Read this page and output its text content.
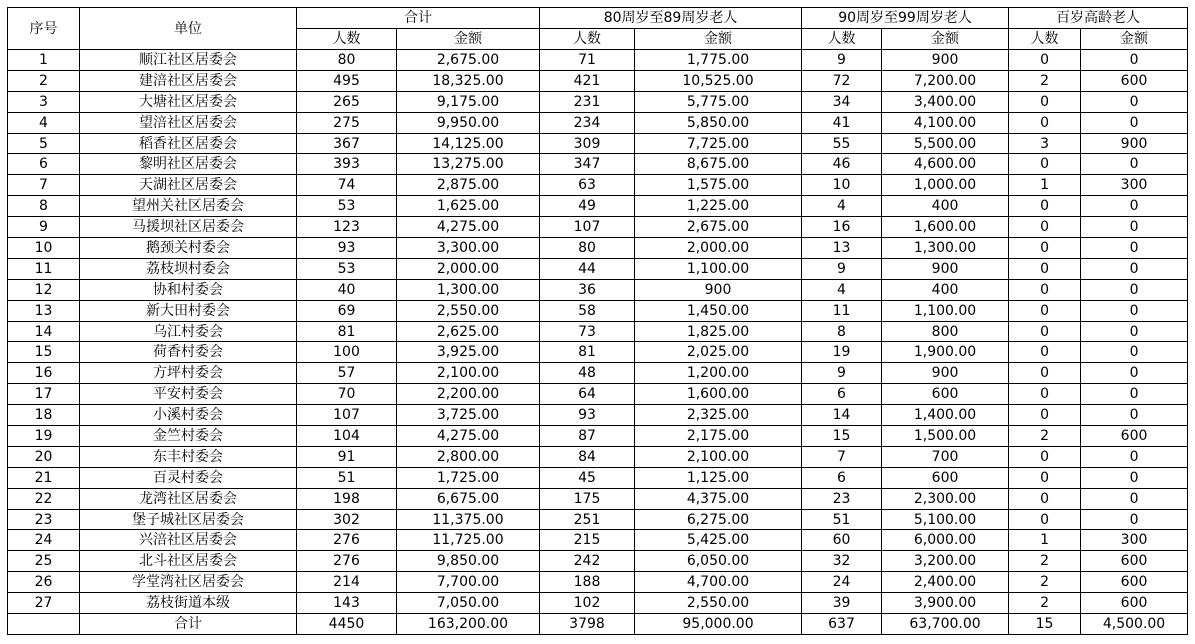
序号	单位	合计		80周岁至89周岁老人		90周岁至99周岁老人		百岁高龄老人	
		人数	金额	人数	金额	人数	金额	人数	金额
1	顺江社区居委会	80	2,675.00	71	1,775.00	9	900	0	0
2	建涪社区居委会	495	18,325.00	421	10,525.00	72	7,200.00	2	600
3	大塘社区居委会	265	9,175.00	231	5,775.00	34	3,400.00	0	0
4	望涪社区居委会	275	9,950.00	234	5,850.00	41	4,100.00	0	0
5	稻香社区居委会	367	14,125.00	309	7,725.00	55	5,500.00	3	900
6	黎明社区居委会	393	13,275.00	347	8,675.00	46	4,600.00	0	0
7	天湖社区居委会	74	2,875.00	63	1,575.00	10	1,000.00	1	300
8	望州关社区居委会	53	1,625.00	49	1,225.00	4	400	0	0
9	马援坝社区居委会	123	4,275.00	107	2,675.00	16	1,600.00	0	0
10	鹅颈关村委会	93	3,300.00	80	2,000.00	13	1,300.00	0	0
11	荔枝坝村委会	53	2,000.00	44	1,100.00	9	900	0	0
12	协和村委会	40	1,300.00	36	900	4	400	0	0
13	新大田村委会	69	2,550.00	58	1,450.00	11	1,100.00	0	0
14	乌江村委会	81	2,625.00	73	1,825.00	8	800	0	0
15	荷香村委会	100	3,925.00	81	2,025.00	19	1,900.00	0	0
16	方坪村委会	57	2,100.00	48	1,200.00	9	900	0	0
17	平安村委会	70	2,200.00	64	1,600.00	6	600	0	0
18	小溪村委会	107	3,725.00	93	2,325.00	14	1,400.00	0	0
19	金竺村委会	104	4,275.00	87	2,175.00	15	1,500.00	2	600
20	东丰村委会	91	2,800.00	84	2,100.00	7	700	0	0
21	百灵村委会	51	1,725.00	45	1,125.00	6	600	0	0
22	龙湾社区居委会	198	6,675.00	175	4,375.00	23	2,300.00	0	0
23	堡子城社区居委会	302	11,375.00	251	6,275.00	51	5,100.00	0	0
24	兴涪社区居委会	276	11,725.00	215	5,425.00	60	6,000.00	1	300
25	北斗社区居委会	276	9,850.00	242	6,050.00	32	3,200.00	2	600
26	学堂湾社区居委会	214	7,700.00	188	4,700.00	24	2,400.00	2	600
27	荔枝街道本级	143	7,050.00	102	2,550.00	39	3,900.00	2	600
	合计	4450	163,200.00	3798	95,000.00	637	63,700.00	15	4,500.00
